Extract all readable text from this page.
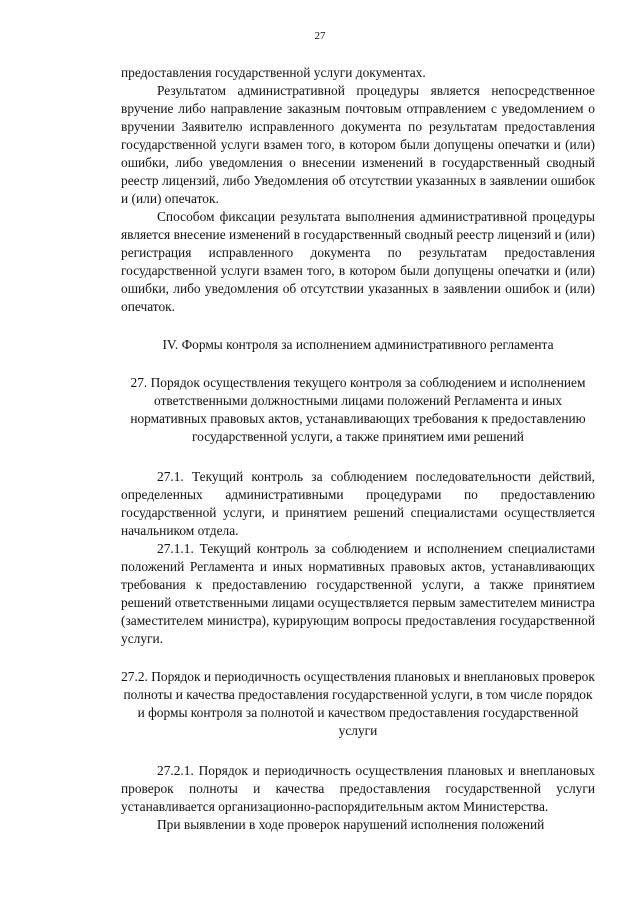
27

предоставления государственной услуги документах.

Результатом административной процедуры является непосредственное вручение либо направление заказным почтовым отправлением с уведомлением о вручении Заявителю исправленного документа по результатам предоставления государственной услуги взамен того, в котором были допущены опечатки и (или) ошибки, либо уведомления о внесении изменений в государственный сводный реестр лицензий, либо Уведомления об отсутствии указанных в заявлении ошибок и (или) опечаток.

Способом фиксации результата выполнения административной процедуры является внесение изменений в государственный сводный реестр лицензий и (или) регистрация исправленного документа по результатам предоставления государственной услуги взамен того, в котором были допущены опечатки и (или) ошибки, либо уведомления об отсутствии указанных в заявлении ошибок и (или) опечаток.

IV. Формы контроля за исполнением административного регламента

27. Порядок осуществления текущего контроля за соблюдением и исполнением ответственными должностными лицами положений Регламента и иных нормативных правовых актов, устанавливающих требования к предоставлению государственной услуги, а также принятием ими решений

27.1. Текущий контроль за соблюдением последовательности действий, определенных административными процедурами по предоставлению государственной услуги, и принятием решений специалистами осуществляется начальником отдела.

27.1.1. Текущий контроль за соблюдением и исполнением специалистами положений Регламента и иных нормативных правовых актов, устанавливающих требования к предоставлению государственной услуги, а также принятием решений ответственными лицами осуществляется первым заместителем министра (заместителем министра), курирующим вопросы предоставления государственной услуги.

27.2. Порядок и периодичность осуществления плановых и внеплановых проверок полноты и качества предоставления государственной услуги, в том числе порядок и формы контроля за полнотой и качеством предоставления государственной услуги

27.2.1. Порядок и периодичность осуществления плановых и внеплановых проверок полноты и качества предоставления государственной услуги устанавливается организационно-распорядительным актом Министерства.

При выявлении в ходе проверок нарушений исполнения положений
